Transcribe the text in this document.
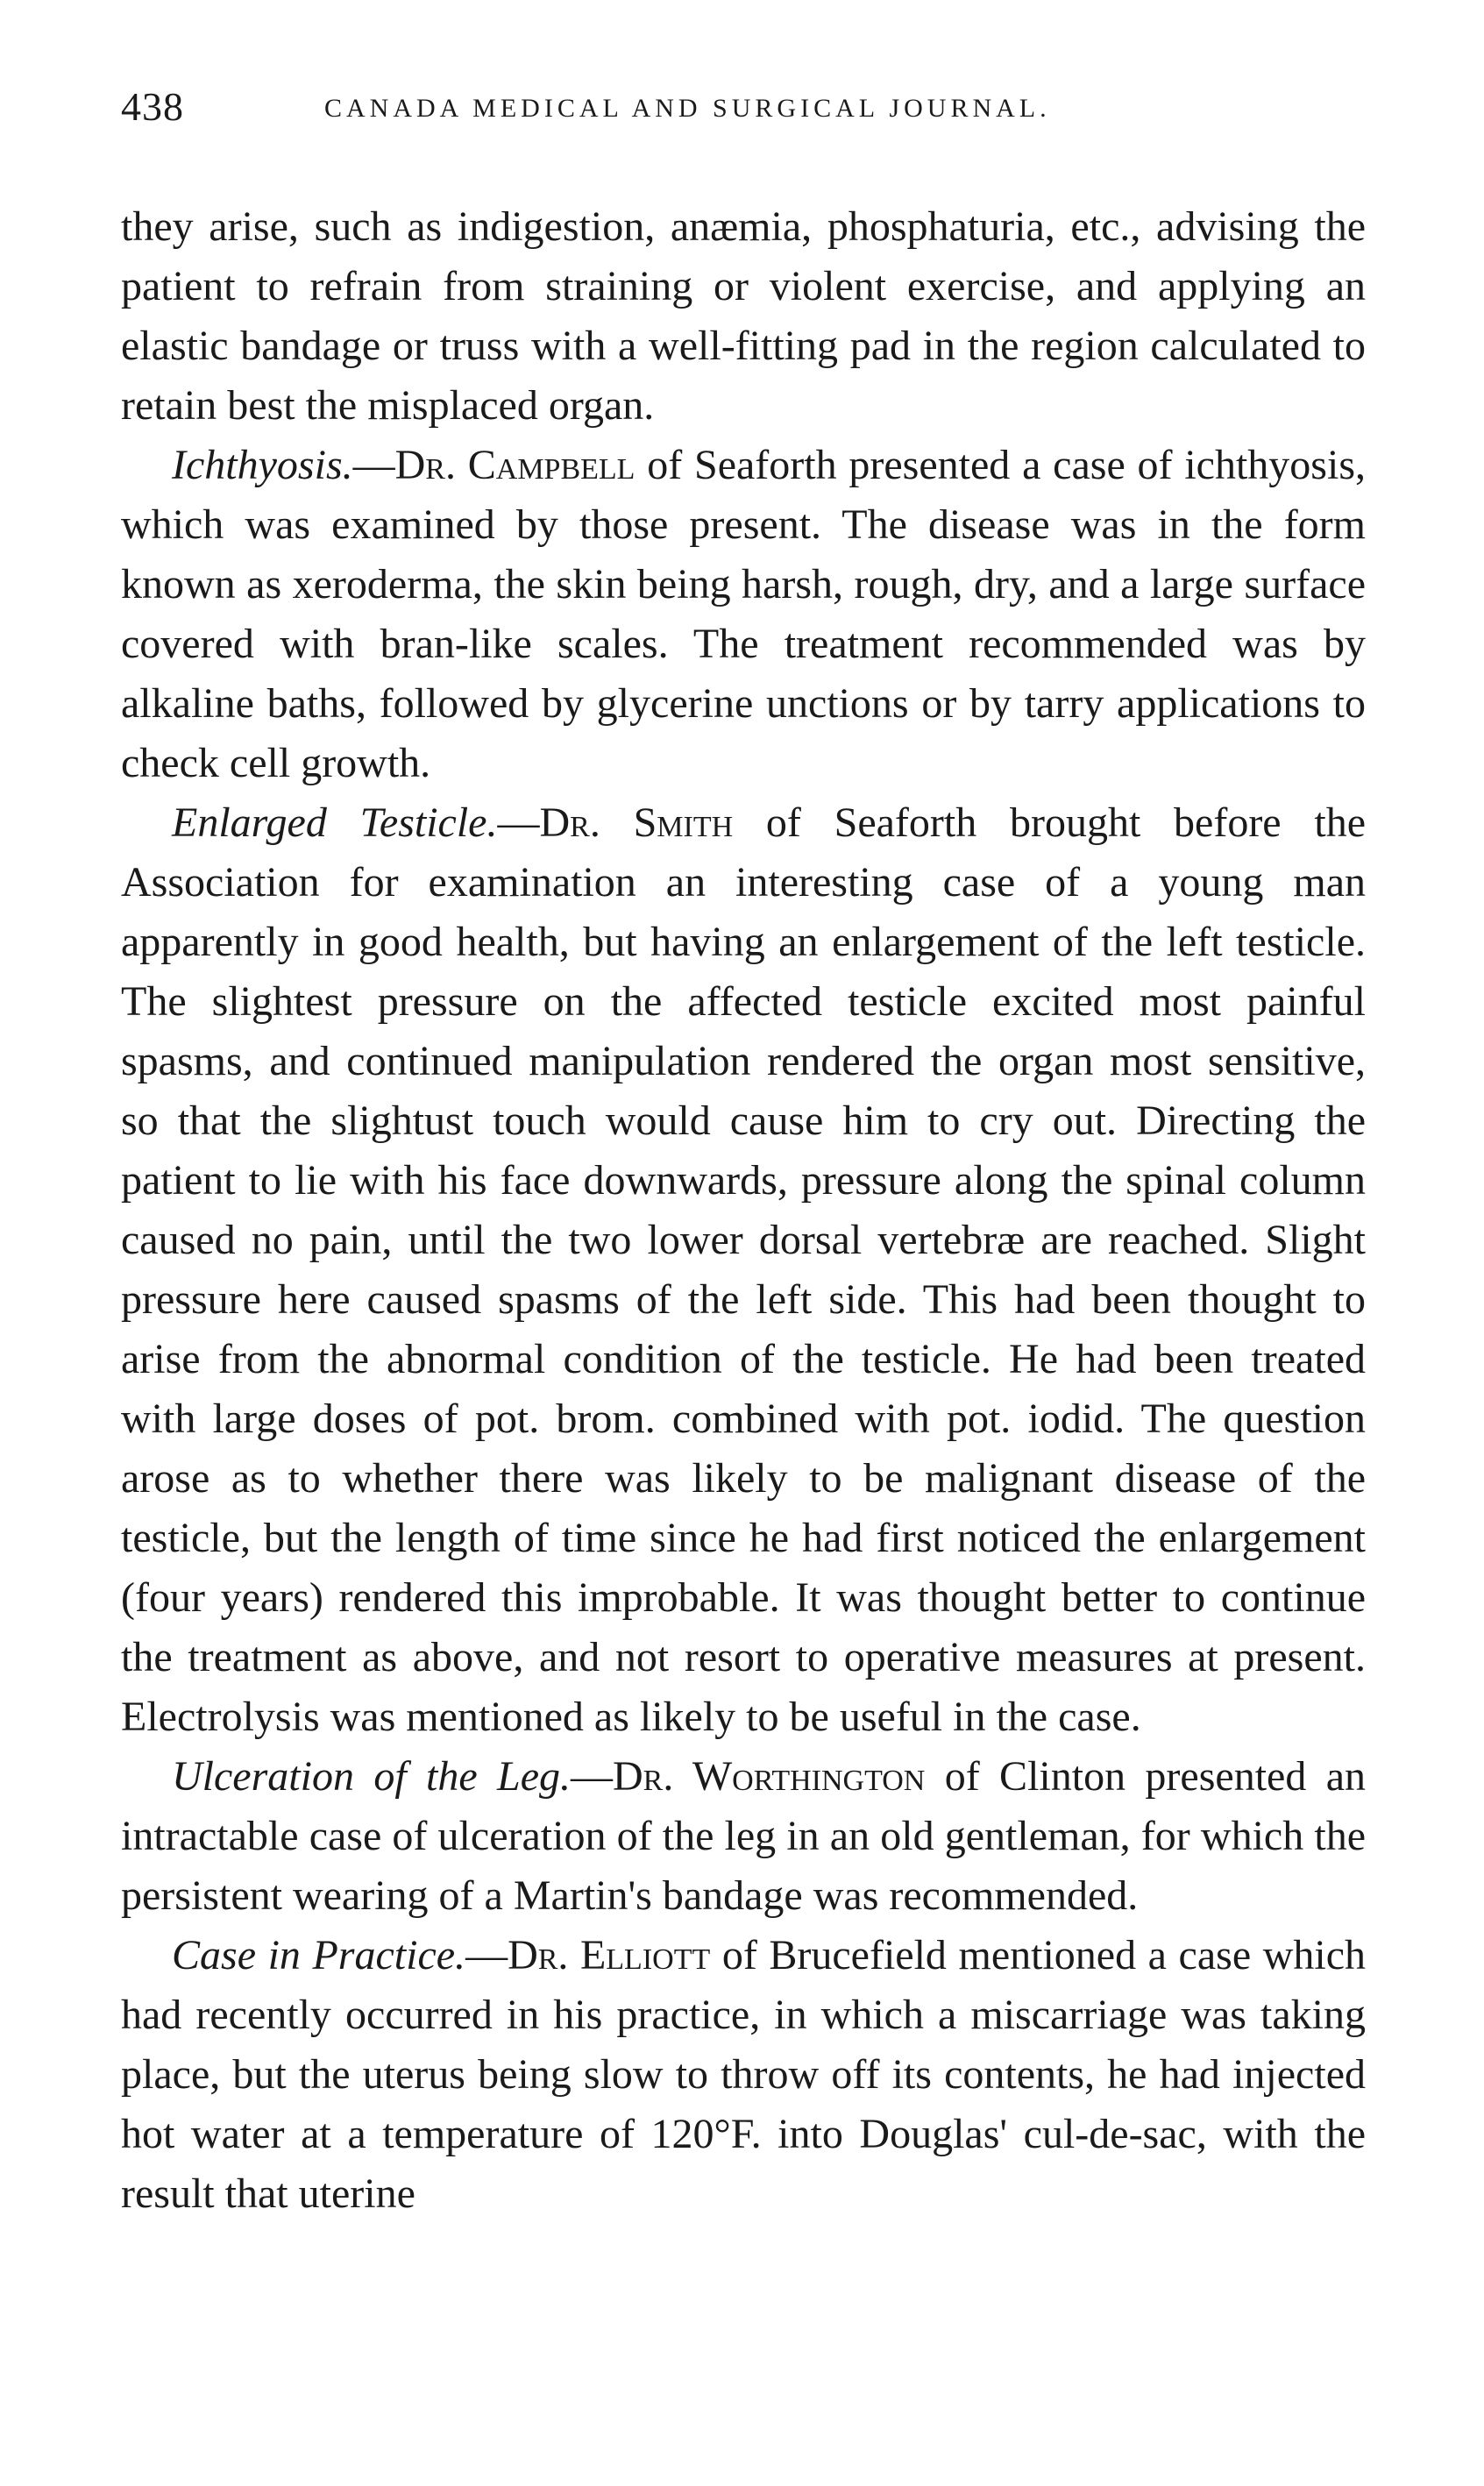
438	CANADA MEDICAL AND SURGICAL JOURNAL.

they arise, such as indigestion, anæmia, phosphaturia, etc., advising the patient to refrain from straining or violent exercise, and applying an elastic bandage or truss with a well-fitting pad in the region calculated to retain best the misplaced organ.

Ichthyosis.—Dr. Campbell of Seaforth presented a case of ichthyosis, which was examined by those present. The disease was in the form known as xeroderma, the skin being harsh, rough, dry, and a large surface covered with bran-like scales. The treatment recommended was by alkaline baths, followed by glycerine unctions or by tarry applications to check cell growth.

Enlarged Testicle.—Dr. Smith of Seaforth brought before the Association for examination an interesting case of a young man apparently in good health, but having an enlargement of the left testicle. The slightest pressure on the affected testicle excited most painful spasms, and continued manipulation rendered the organ most sensitive, so that the slightust touch would cause him to cry out. Directing the patient to lie with his face downwards, pressure along the spinal column caused no pain, until the two lower dorsal vertebræ are reached. Slight pressure here caused spasms of the left side. This had been thought to arise from the abnormal condition of the testicle. He had been treated with large doses of pot. brom. combined with pot. iodid. The question arose as to whether there was likely to be malignant disease of the testicle, but the length of time since he had first noticed the enlargement (four years) rendered this improbable. It was thought better to continue the treatment as above, and not resort to operative measures at present. Electrolysis was mentioned as likely to be useful in the case.

Ulceration of the Leg.—Dr. Worthington of Clinton presented an intractable case of ulceration of the leg in an old gentleman, for which the persistent wearing of a Martin's bandage was recommended.

Case in Practice.—Dr. Elliott of Brucefield mentioned a case which had recently occurred in his practice, in which a miscarriage was taking place, but the uterus being slow to throw off its contents, he had injected hot water at a temperature of 120°F. into Douglas' cul-de-sac, with the result that uterine
